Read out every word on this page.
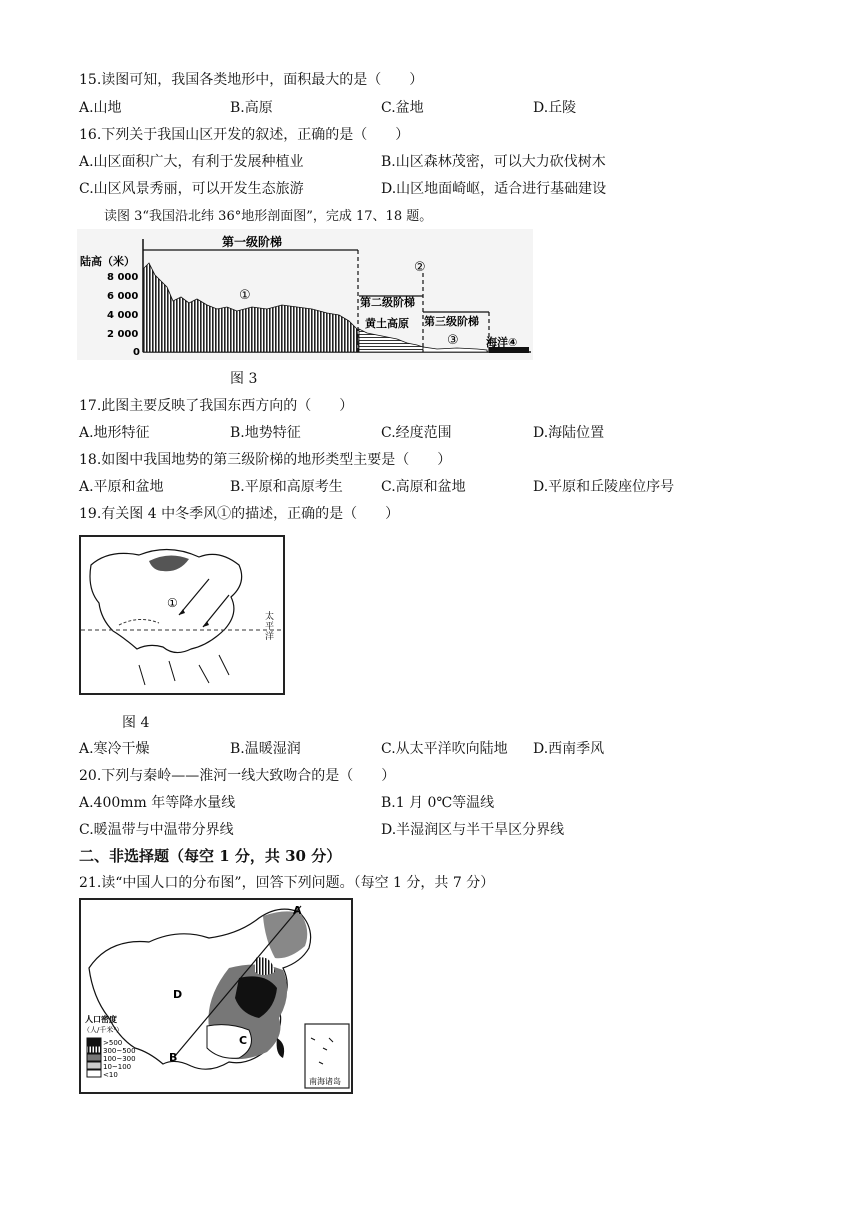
15.读图可知，我国各类地形中，面积最大的是（　　）
A.山地	B.高原	C.盆地	D.丘陵
16.下列关于我国山区开发的叙述，正确的是（　　）
A.山区面积广大，有利于发展种植业	B.山区森林茂密，可以大力砍伐树木
C.山区风景秀丽，可以开发生态旅游	D.山区地面崎岖，适合进行基础建设
读图 3“我国沿北纬 36°地形剖面图”，完成 17、18 题。
陆高（米）
8 000
6 000
4 000
2 000
0
第一级阶梯
①	第二级阶梯
黄土高原
②
第三级阶梯
③ 海洋④
图 3
17.此图主要反映了我国东西方向的（　　）
A.地形特征	B.地势特征	C.经度范围	D.海陆位置
18.如图中我国地势的第三级阶梯的地形类型主要是（　　）
A.平原和盆地	B.平原和高原考生	C.高原和盆地	D.平原和丘陵座位序号
19.有关图 4 中冬季风①的描述，正确的是（　　）
①
太
平
洋
图 4
A.寒冷干燥	B.温暖湿润	C.从太平洋吹向陆地 D.西南季风
20.下列与秦岭——淮河一线大致吻合的是（　　）
A.400mm 年等降水量线	B.1 月 0℃等温线
C.暖温带与中温带分界线	D.半湿润区与半干旱区分界线
二、非选择题（每空 1 分，共 30 分）
21.读“中国人口的分布图”，回答下列问题。（每空 1 分，共 7 分）
A
B
C
D
南海诸岛
人口密度
（人/千米²）
>500
300~500
100~300
10~100
<10
